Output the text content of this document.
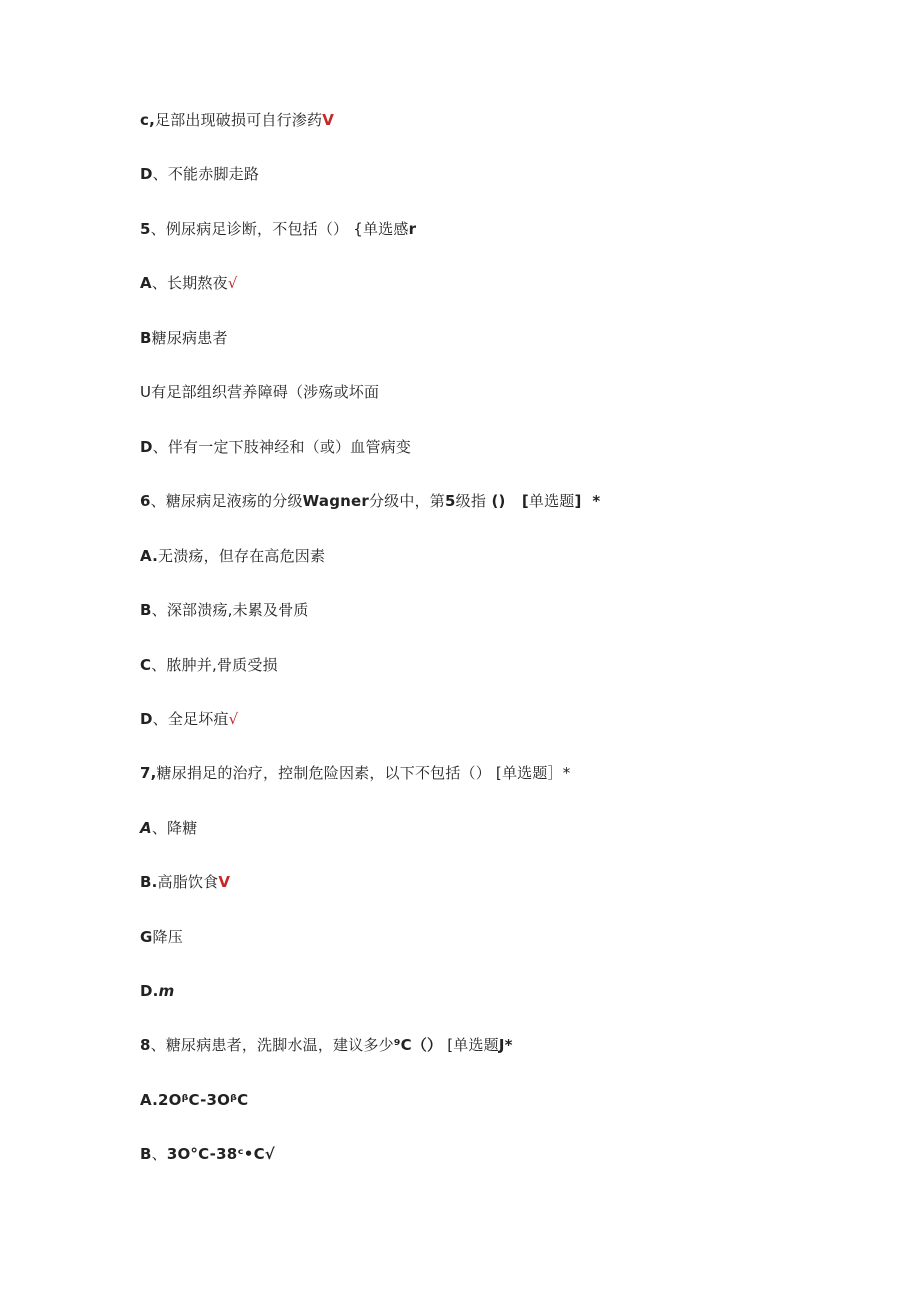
c,足部出现破损可自行渗药V
D、不能赤脚走路
5、例尿病足诊断，不包括（） {单选感r
A、长期熬夜√
B糖尿病患者
U有足部组织营养障碍（涉殇或坏面
D、伴有一定下肢神经和（或）血管病变
6、糖尿病足液疡的分级Wagner分级中，第5级指 ()   [单选题]  *
A.无溃疡，但存在高危因素
B、深部溃疡,未累及骨质
C、脓肿并,骨质受损
D、全足坏疽√
7,糖尿捐足的治疗，控制危险因素，以下不包括（） [单选题］*
A、降糖
B.高脂饮食V
G降压
D.m
8、糖尿病患者，洗脚水温，建议多少⁹C（） [单选题J*
A.2OᵝC-3OᵝC
B、3O°C-38ᶜ•C√
